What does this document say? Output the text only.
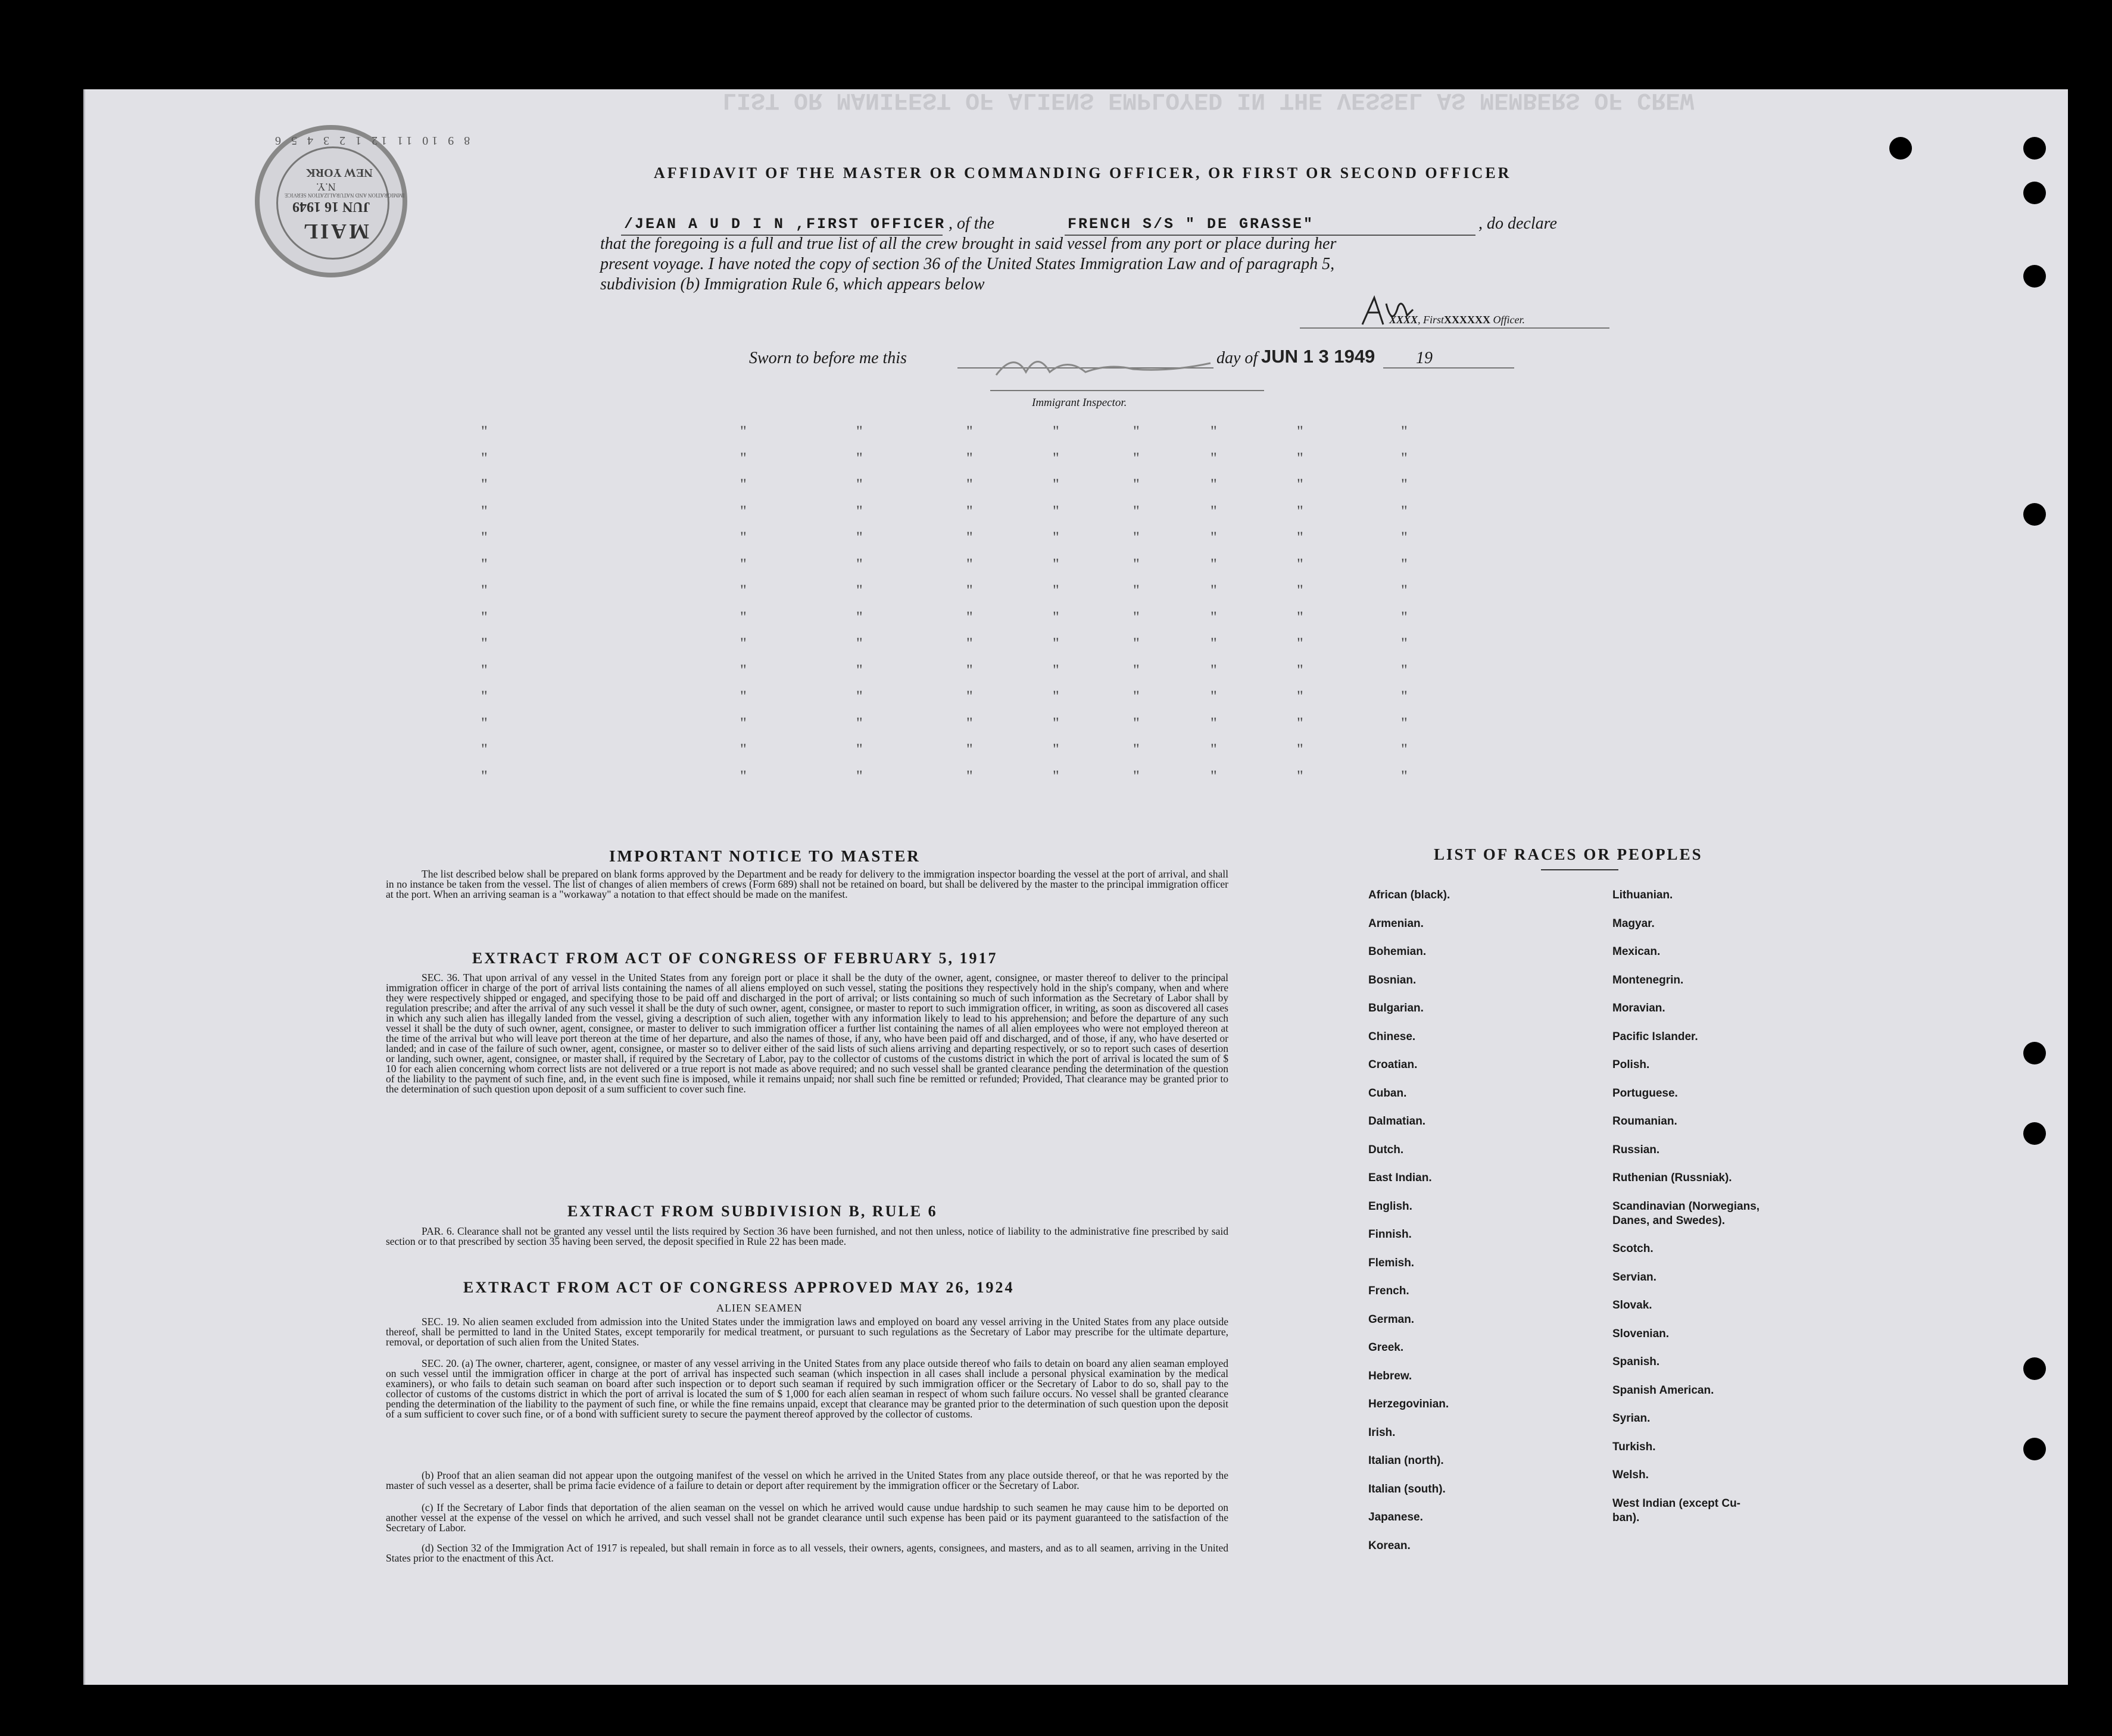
8 9 10 11 12 1 2 3 4 5 6
NEW YORK
N.Y.
JUN 16 1949
IMMIGRATION AND NATURALIZATION SERVICE
MAIL
AFFIDAVIT OF THE MASTER OR COMMANDING OFFICER, OR FIRST OR SECOND OFFICER
/JEAN A U D I N ,FIRST OFFICER , of the	FRENCH S/S " DE GRASSE"	, do declare
that the foregoing is a full and true list of all the crew brought in said vessel from any port or place during her
present voyage. I have noted the copy of section 36 of the United States Immigration Law and of paragraph 5,
subdivision (b) Immigration Rule 6, which appears below
XXXX, FirstXXXXXX Officer.
Sworn to before me this	day of JUN 1 3 1949 19
Immigrant Inspector.
LIST OR MANIFEST OF ALIENS EMPLOYED IN THE VESSEL AS MEMBERS OF CREW
"	"	"	"	"	"	"	"	"
"	"	"	"	"	"	"	"	"
"	"	"	"	"	"	"	"	"
"	"	"	"	"	"	"	"	"
"	"	"	"	"	"	"	"	"
"	"	"	"	"	"	"	"	"
"	"	"	"	"	"	"	"	"
"	"	"	"	"	"	"	"	"
"	"	"	"	"	"	"	"	"
"	"	"	"	"	"	"	"	"
"	"	"	"	"	"	"	"	"
"	"	"	"	"	"	"	"	"
"	"	"	"	"	"	"	"	"
"	"	"	"	"	"	"	"	"
IMPORTANT NOTICE TO MASTER
The list described below shall be prepared on blank forms approved by the Department and be ready for delivery to the immigration inspector boarding the vessel at the port of arrival, and shall in no instance be taken from the vessel. The list of changes of alien members of crews (Form 689) shall not be retained on board, but shall be delivered by the master to the principal immigration officer at the port. When an arriving seaman is a "workaway" a notation to that effect should be made on the manifest.
EXTRACT FROM ACT OF CONGRESS OF FEBRUARY 5, 1917
SEC. 36. That upon arrival of any vessel in the United States from any foreign port or place it shall be the duty of the owner, agent, consignee, or master thereof to deliver to the principal immigration officer in charge of the port of arrival lists containing the names of all aliens employed on such vessel, stating the positions they respectively hold in the ship's company, when and where they were respectively shipped or engaged, and specifying those to be paid off and discharged in the port of arrival; or lists containing so much of such information as the Secretary of Labor shall by regulation prescribe; and after the arrival of any such vessel it shall be the duty of such owner, agent, consignee, or master to report to such immigration officer, in writing, as soon as discovered all cases in which any such alien has illegally landed from the vessel, giving a description of such alien, together with any information likely to lead to his apprehension; and before the departure of any such vessel it shall be the duty of such owner, agent, consignee, or master to deliver to such immigration officer a further list containing the names of all alien employees who were not employed thereon at the time of the arrival but who will leave port thereon at the time of her departure, and also the names of those, if any, who have been paid off and discharged, and of those, if any, who have deserted or landed; and in case of the failure of such owner, agent, consignee, or master so to deliver either of the said lists of such aliens arriving and departing respectively, or so to report such cases of desertion or landing, such owner, agent, consignee, or master shall, if required by the Secretary of Labor, pay to the collector of customs of the customs district in which the port of arrival is located the sum of $ 10 for each alien concerning whom correct lists are not delivered or a true report is not made as above required; and no such vessel shall be granted clearance pending the determination of the question of the liability to the payment of such fine, and, in the event such fine is imposed, while it remains unpaid; nor shall such fine be remitted or refunded; Provided, That clearance may be granted prior to the determination of such question upon deposit of a sum sufficient to cover such fine.
EXTRACT FROM SUBDIVISION B, RULE 6
PAR. 6. Clearance shall not be granted any vessel until the lists required by Section 36 have been furnished, and not then unless, notice of liability to the administrative fine prescribed by said section or to that prescribed by section 35 having been served, the deposit specified in Rule 22 has been made.
EXTRACT FROM ACT OF CONGRESS APPROVED MAY 26, 1924
ALIEN SEAMEN
SEC. 19. No alien seamen excluded from admission into the United States under the immigration laws and employed on board any vessel arriving in the United States from any place outside thereof, shall be permitted to land in the United States, except temporarily for medical treatment, or pursuant to such regulations as the Secretary of Labor may prescribe for the ultimate departure, removal, or deportation of such alien from the United States.
SEC. 20. (a) The owner, charterer, agent, consignee, or master of any vessel arriving in the United States from any place outside thereof who fails to detain on board any alien seaman employed on such vessel until the immigration officer in charge at the port of arrival has inspected such seaman (which inspection in all cases shall include a personal physical examination by the medical examiners), or who fails to detain such seaman on board after such inspection or to deport such seaman if required by such immigration officer or the Secretary of Labor to do so, shall pay to the collector of customs of the customs district in which the port of arrival is located the sum of $ 1,000 for each alien seaman in respect of whom such failure occurs. No vessel shall be granted clearance pending the determination of the liability to the payment of such fine, or while the fine remains unpaid, except that clearance may be granted prior to the determination of such question upon the deposit of a sum sufficient to cover such fine, or of a bond with sufficient surety to secure the payment thereof approved by the collector of customs.
(b) Proof that an alien seaman did not appear upon the outgoing manifest of the vessel on which he arrived in the United States from any place outside thereof, or that he was reported by the master of such vessel as a deserter, shall be prima facie evidence of a failure to detain or deport after requirement by the immigration officer or the Secretary of Labor.
(c) If the Secretary of Labor finds that deportation of the alien seaman on the vessel on which he arrived would cause undue hardship to such seamen he may cause him to be deported on another vessel at the expense of the vessel on which he arrived, and such vessel shall not be grandet clearance until such expense has been paid or its payment guaranteed to the satisfaction of the Secretary of Labor.
(d) Section 32 of the Immigration Act of 1917 is repealed, but shall remain in force as to all vessels, their owners, agents, consignees, and masters, and as to all seamen, arriving in the United States prior to the enactment of this Act.
LIST OF RACES OR PEOPLES
African (black).
Armenian.
Bohemian.
Bosnian.
Bulgarian.
Chinese.
Croatian.
Cuban.
Dalmatian.
Dutch.
East Indian.
English.
Finnish.
Flemish.
French.
German.
Greek.
Hebrew.
Herzegovinian.
Irish.
Italian (north).
Italian (south).
Japanese.
Korean.
Lithuanian.
Magyar.
Mexican.
Montenegrin.
Moravian.
Pacific Islander.
Polish.
Portuguese.
Roumanian.
Russian.
Ruthenian (Russniak).
Scandinavian (Norwegians,
Danes, and Swedes).
Scotch.
Servian.
Slovak.
Slovenian.
Spanish.
Spanish American.
Syrian.
Turkish.
Welsh.
West Indian (except Cu-
ban).
